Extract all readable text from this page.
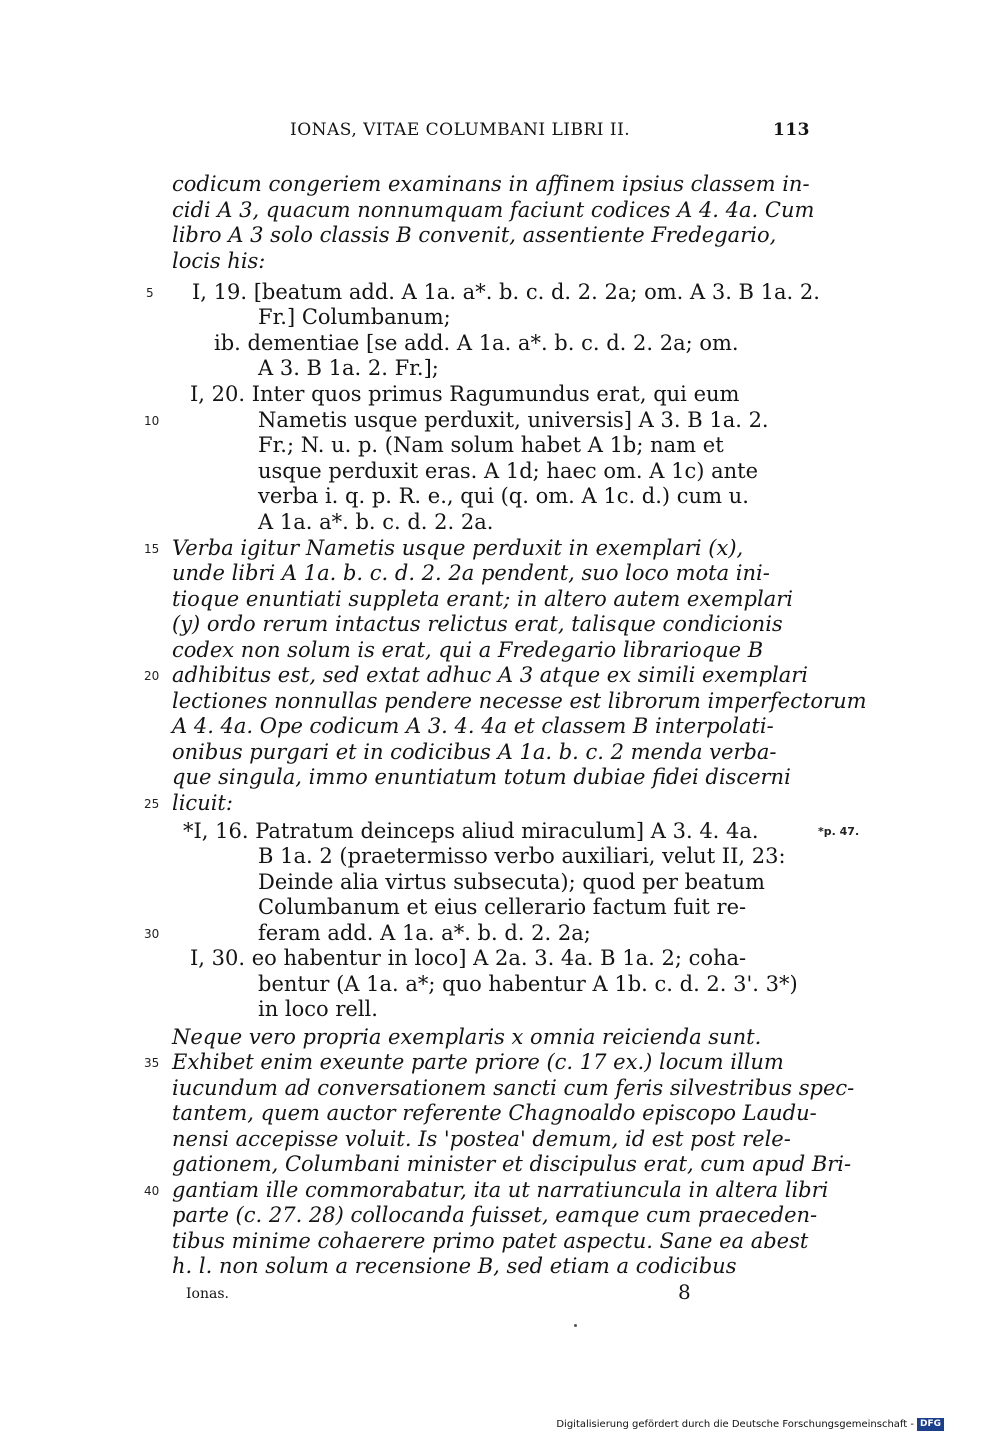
IONAS, VITAE COLUMBANI LIBRI II.	113
codicum congeriem examinans in affinem ipsius classem in-
cidi A 3, quacum nonnumquam faciunt codices A 4. 4a. Cum
libro A 3 solo classis B convenit, assentiente Fredegario,
locis his:
I, 19. [beatum add. A 1a. a*. b. c. d. 2. 2a; om. A 3. B 1a. 2.
Fr.] Columbanum;
ib. dementiae [se add. A 1a. a*. b. c. d. 2. 2a; om.
A 3. B 1a. 2. Fr.];
I, 20. Inter quos primus Ragumundus erat, qui eum
Nametis usque perduxit, universis] A 3. B 1a. 2.
Fr.; N. u. p. (Nam solum habet A 1b; nam et
usque perduxit eras. A 1d; haec om. A 1c) ante
verba i. q. p. R. e., qui (q. om. A 1c. d.) cum u.
A 1a. a*. b. c. d. 2. 2a.
Verba igitur Nametis usque perduxit in exemplari (x),
unde libri A 1a. b. c. d. 2. 2a pendent, suo loco mota ini-
tioque enuntiati suppleta erant; in altero autem exemplari
(y) ordo rerum intactus relictus erat, talisque condicionis
codex non solum is erat, qui a Fredegario librarioque B
adhibitus est, sed extat adhuc A 3 atque ex simili exemplari
lectiones nonnullas pendere necesse est librorum imperfectorum
A 4. 4a. Ope codicum A 3. 4. 4a et classem B interpolati-
onibus purgari et in codicibus A 1a. b. c. 2 menda verba-
que singula, immo enuntiatum totum dubiae fidei discerni
licuit:
*I, 16. Patratum deinceps aliud miraculum] A 3. 4. 4a.
B 1a. 2 (praetermisso verbo auxiliari, velut II, 23:
Deinde alia virtus subsecuta); quod per beatum
Columbanum et eius cellerario factum fuit re-
feram add. A 1a. a*. b. d. 2. 2a;
I, 30. eo habentur in loco] A 2a. 3. 4a. B 1a. 2; coha-
bentur (A 1a. a*; quo habentur A 1b. c. d. 2. 3'. 3*)
in loco rell.
Neque vero propria exemplaris x omnia reicienda sunt.
Exhibet enim exeunte parte priore (c. 17 ex.) locum illum
iucundum ad conversationem sancti cum feris silvestribus spec-
tantem, quem auctor referente Chagnoaldo episcopo Laudu-
nensi accepisse voluit. Is 'postea' demum, id est post rele-
gationem, Columbani minister et discipulus erat, cum apud Bri-
gantiam ille commorabatur, ita ut narratiuncula in altera libri
parte (c. 27. 28) collocanda fuisset, eamque cum praeceden-
tibus minime cohaerere primo patet aspectu. Sane ea abest
h. l. non solum a recensione B, sed etiam a codicibus
5
10
15
20
25
30
35
40
*p. 47.
Ionas.	8
Digitalisierung gefördert durch die Deutsche Forschungsgemeinschaft - DFG
